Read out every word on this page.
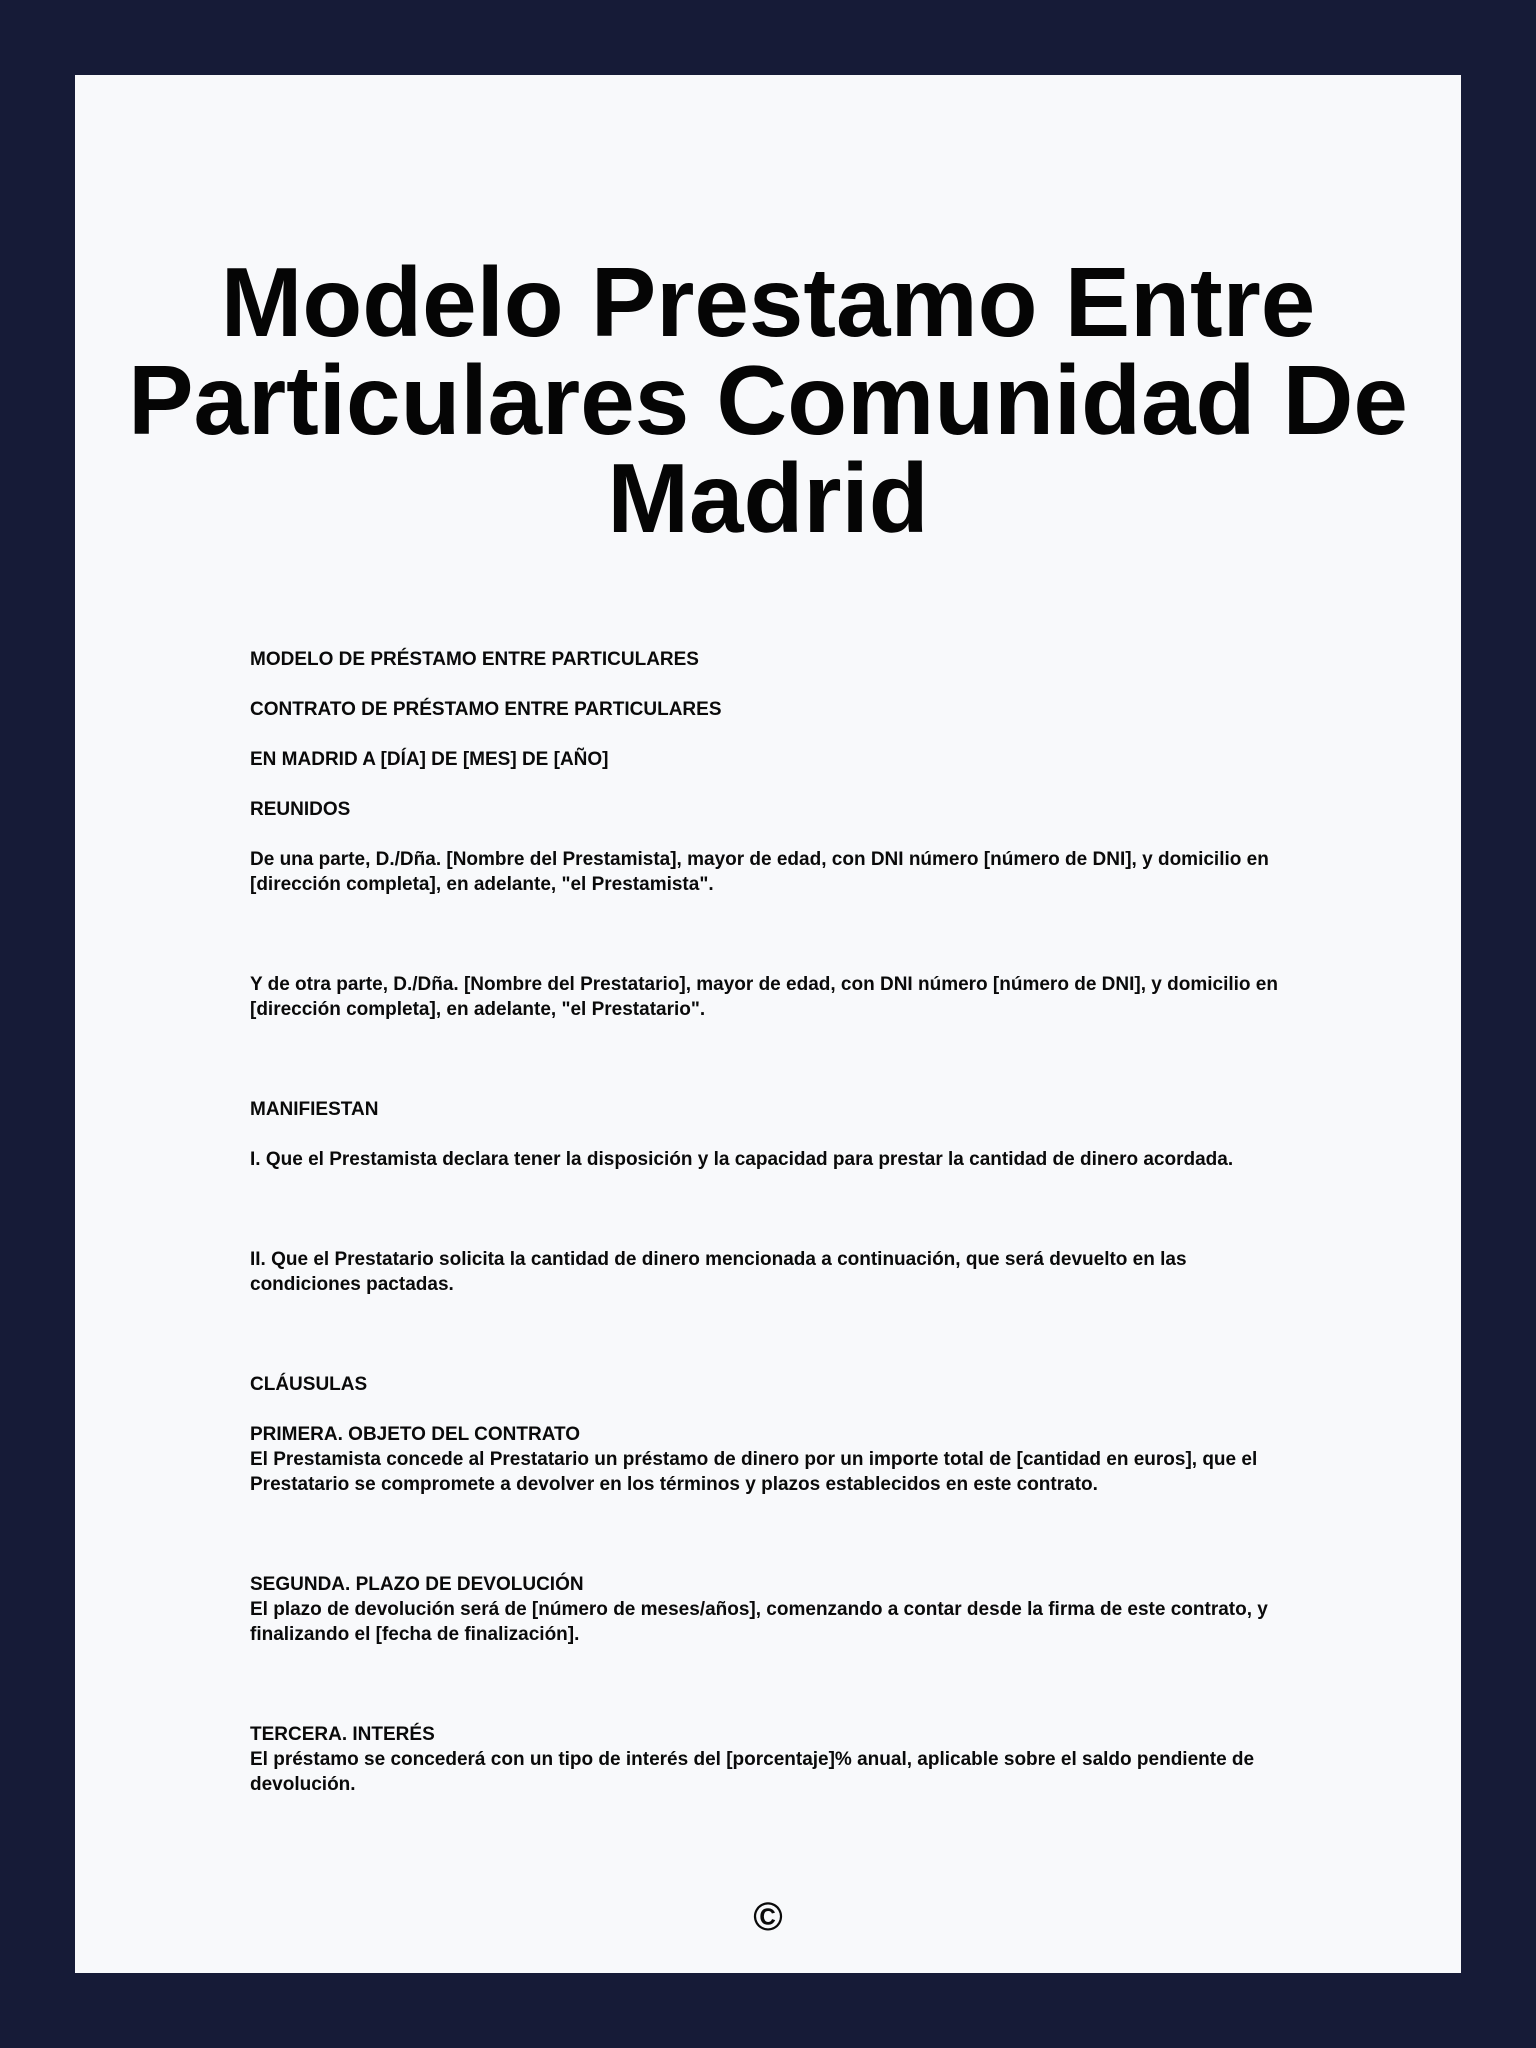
Modelo Prestamo Entre Particulares Comunidad De Madrid

MODELO DE PRÉSTAMO ENTRE PARTICULARES

CONTRATO DE PRÉSTAMO ENTRE PARTICULARES

EN MADRID A [DÍA] DE [MES] DE [AÑO]

REUNIDOS

De una parte, D./Dña. [Nombre del Prestamista], mayor de edad, con DNI número [número de DNI], y domicilio en [dirección completa], en adelante, "el Prestamista".

Y de otra parte, D./Dña. [Nombre del Prestatario], mayor de edad, con DNI número [número de DNI], y domicilio en [dirección completa], en adelante, "el Prestatario".

MANIFIESTAN

I. Que el Prestamista declara tener la disposición y la capacidad para prestar la cantidad de dinero acordada.

II. Que el Prestatario solicita la cantidad de dinero mencionada a continuación, que será devuelto en las condiciones pactadas.

CLÁUSULAS

PRIMERA. OBJETO DEL CONTRATO
El Prestamista concede al Prestatario un préstamo de dinero por un importe total de [cantidad en euros], que el Prestatario se compromete a devolver en los términos y plazos establecidos en este contrato.

SEGUNDA. PLAZO DE DEVOLUCIÓN
El plazo de devolución será de [número de meses/años], comenzando a contar desde la firma de este contrato, y finalizando el [fecha de finalización].

TERCERA. INTERÉS
El préstamo se concederá con un tipo de interés del [porcentaje]% anual, aplicable sobre el saldo pendiente de devolución.

©
